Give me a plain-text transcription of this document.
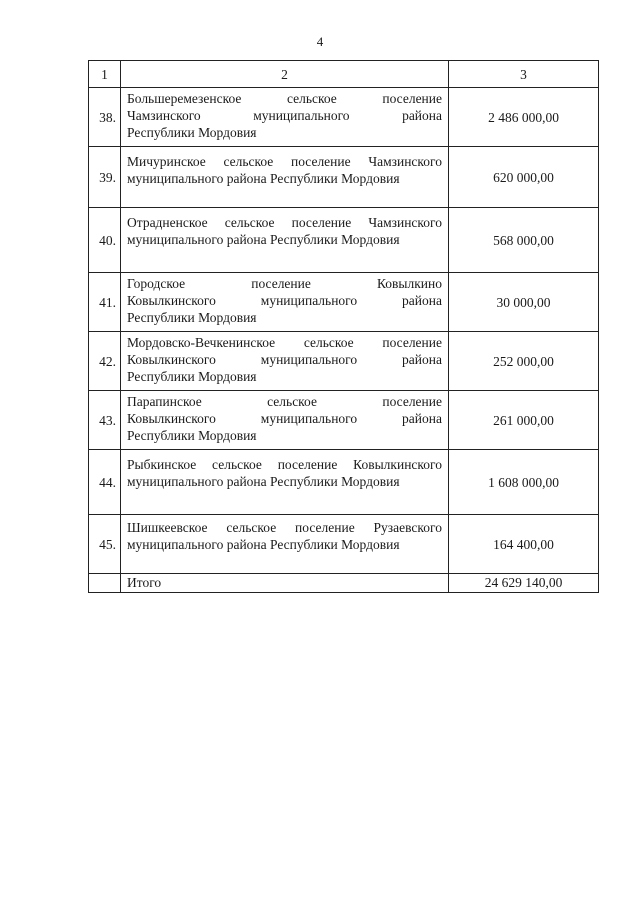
4
1	2	3
38.	Большеремезенское сельское поселение
Чамзинского муниципального района
Республики Мордовия	2 486 000,00
39.	Мичуринское сельское поселение Чамзинского
муниципального района Республики Мордовия	620 000,00
40.	Отрадненское сельское поселение Чамзинского
муниципального района Республики Мордовия	568 000,00
41.	Городское поселение Ковылкино
Ковылкинского муниципального района
Республики Мордовия	30 000,00
42.	Мордовско-Вечкенинское сельское поселение
Ковылкинского муниципального района
Республики Мордовия	252 000,00
43.	Парапинское сельское поселение
Ковылкинского муниципального района
Республики Мордовия	261 000,00
44.	Рыбкинское сельское поселение Ковылкинского
муниципального района Республики Мордовия	1 608 000,00
45.	Шишкеевское сельское поселение Рузаевского
муниципального района Республики Мордовия	164 400,00
	Итого	24 629 140,00
